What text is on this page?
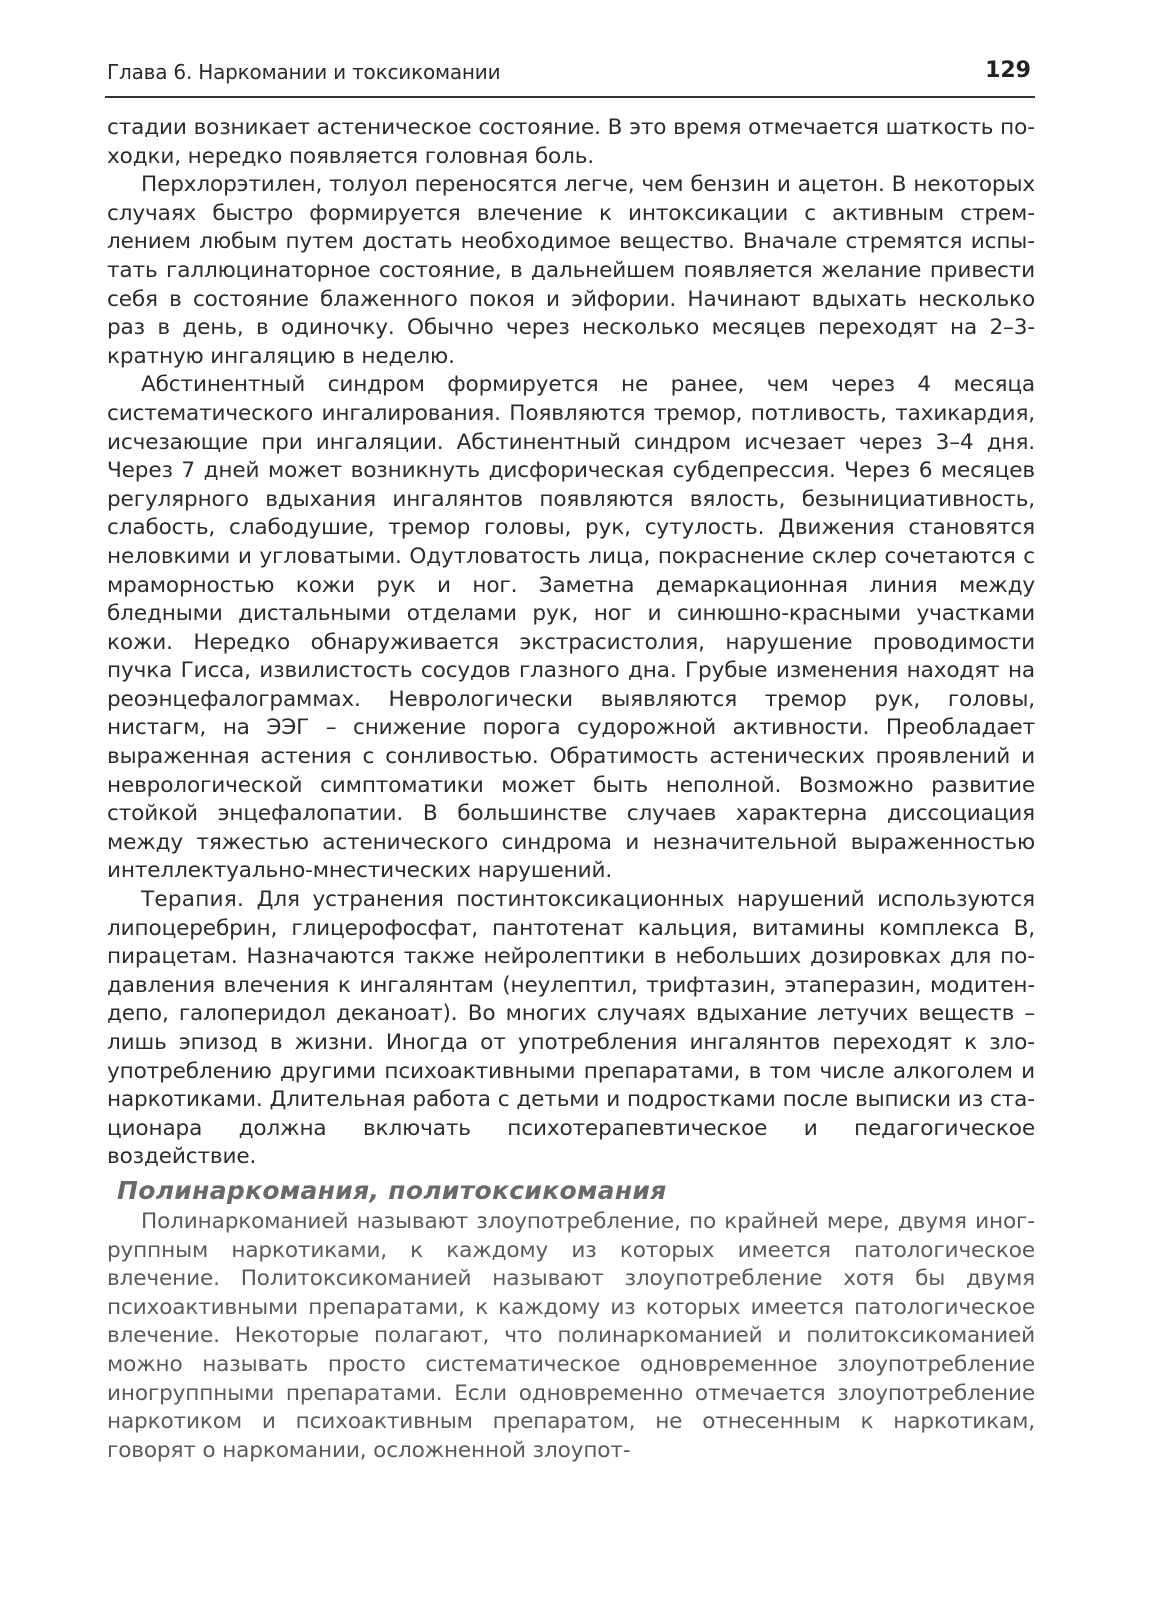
Глава 6. Наркомании и токсикомании	129

стадии возникает астеническое состояние. В это время отмечается шаткость походки, нередко появляется головная боль.

Перхлорэтилен, толуол переносятся легче, чем бензин и ацетон. В некоторых случаях быстро формируется влечение к интоксикации с активным стремлением любым путем достать необходимое вещество. Вначале стремятся испытать галлюцинаторное состояние, в дальнейшем появляется желание привести себя в состояние блаженного покоя и эйфории. Начинают вдыхать несколько раз в день, в одиночку. Обычно через несколько месяцев переходят на 2–3-кратную ингаляцию в неделю.

Абстинентный синдром формируется не ранее, чем через 4 месяца систематического ингалирования. Появляются тремор, потливость, тахикардия, исчезающие при ингаляции. Абстинентный синдром исчезает через 3–4 дня. Через 7 дней может возникнуть дисфорическая субдепрессия. Через 6 месяцев регулярного вдыхания ингалянтов появляются вялость, безынициативность, слабость, слабодушие, тремор головы, рук, сутулость. Движения становятся неловкими и угловатыми. Одутловатость лица, покраснение склер сочетаются с мраморностью кожи рук и ног. Заметна демаркационная линия между бледными дистальными отделами рук, ног и синюшно-красными участками кожи. Нередко обнаруживается экстрасистолия, нарушение проводимости пучка Гисса, извилистость сосудов глазного дна. Грубые изменения находят на реоэнцефалограммах. Неврологически выявляются тремор рук, головы, нистагм, на ЭЭГ – снижение порога судорожной активности. Преобладает выраженная астения с сонливостью. Обратимость астенических проявлений и неврологической симптоматики может быть неполной. Возможно развитие стойкой энцефалопатии. В большинстве случаев характерна диссоциация между тяжестью астенического синдрома и незначительной выраженностью интеллектуально-мнестических нарушений.

Терапия. Для устранения постинтоксикационных нарушений используются липоцеребрин, глицерофосфат, пантотенат кальция, витамины комплекса В, пирацетам. Назначаются также нейролептики в небольших дозировках для подавления влечения к ингалянтам (неулептил, трифтазин, этаперазин, модитен-депо, галоперидол деканоат). Во многих случаях вдыхание летучих веществ – лишь эпизод в жизни. Иногда от употребления ингалянтов переходят к злоупотреблению другими психоактивными препаратами, в том числе алкоголем и наркотиками. Длительная работа с детьми и подростками после выписки из стационара должна включать психотерапевтическое и педагогическое воздействие.

Полинаркомания, политоксикомания

Полинаркоманией называют злоупотребление, по крайней мере, двумя иногруппным наркотиками, к каждому из которых имеется патологическое влечение. Политоксикоманией называют злоупотребление хотя бы двумя психоактивными препаратами, к каждому из которых имеется патологическое влечение. Некоторые полагают, что полинаркоманией и политоксикоманией можно называть просто систематическое одновременное злоупотребление иногруппными препаратами. Если одновременно отмечается злоупотребление наркотиком и психоактивным препаратом, не отнесенным к наркотикам, говорят о наркомании, осложненной злоупот-
